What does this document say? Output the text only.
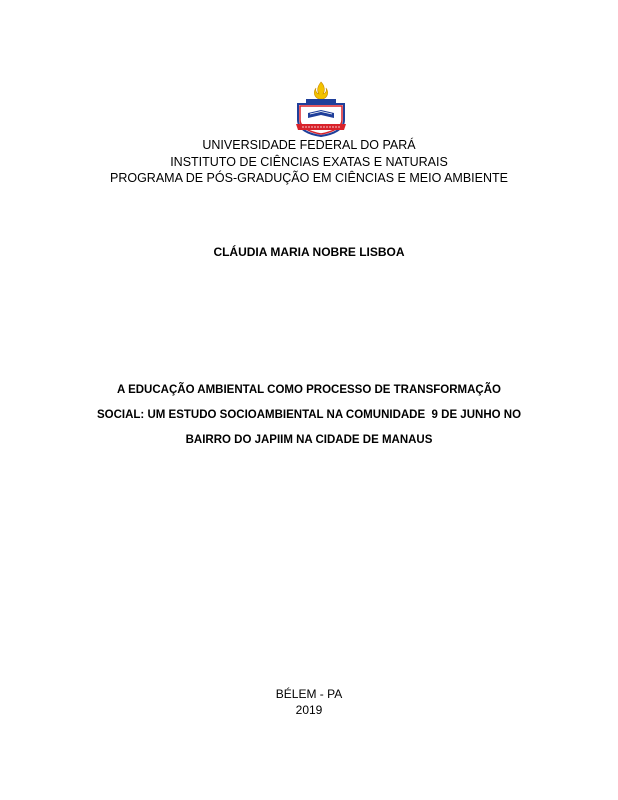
UNIVERSIDADE FEDERAL DO PARÁ
INSTITUTO DE CIÊNCIAS EXATAS E NATURAIS
PROGRAMA DE PÓS-GRADUÇÃO EM CIÊNCIAS E MEIO AMBIENTE
CLÁUDIA MARIA NOBRE LISBOA
A EDUCAÇÃO AMBIENTAL COMO PROCESSO DE TRANSFORMAÇÃO
SOCIAL: UM ESTUDO SOCIOAMBIENTAL NA COMUNIDADE  9 DE JUNHO NO
BAIRRO DO JAPIIM NA CIDADE DE MANAUS
BÉLEM - PA
2019
